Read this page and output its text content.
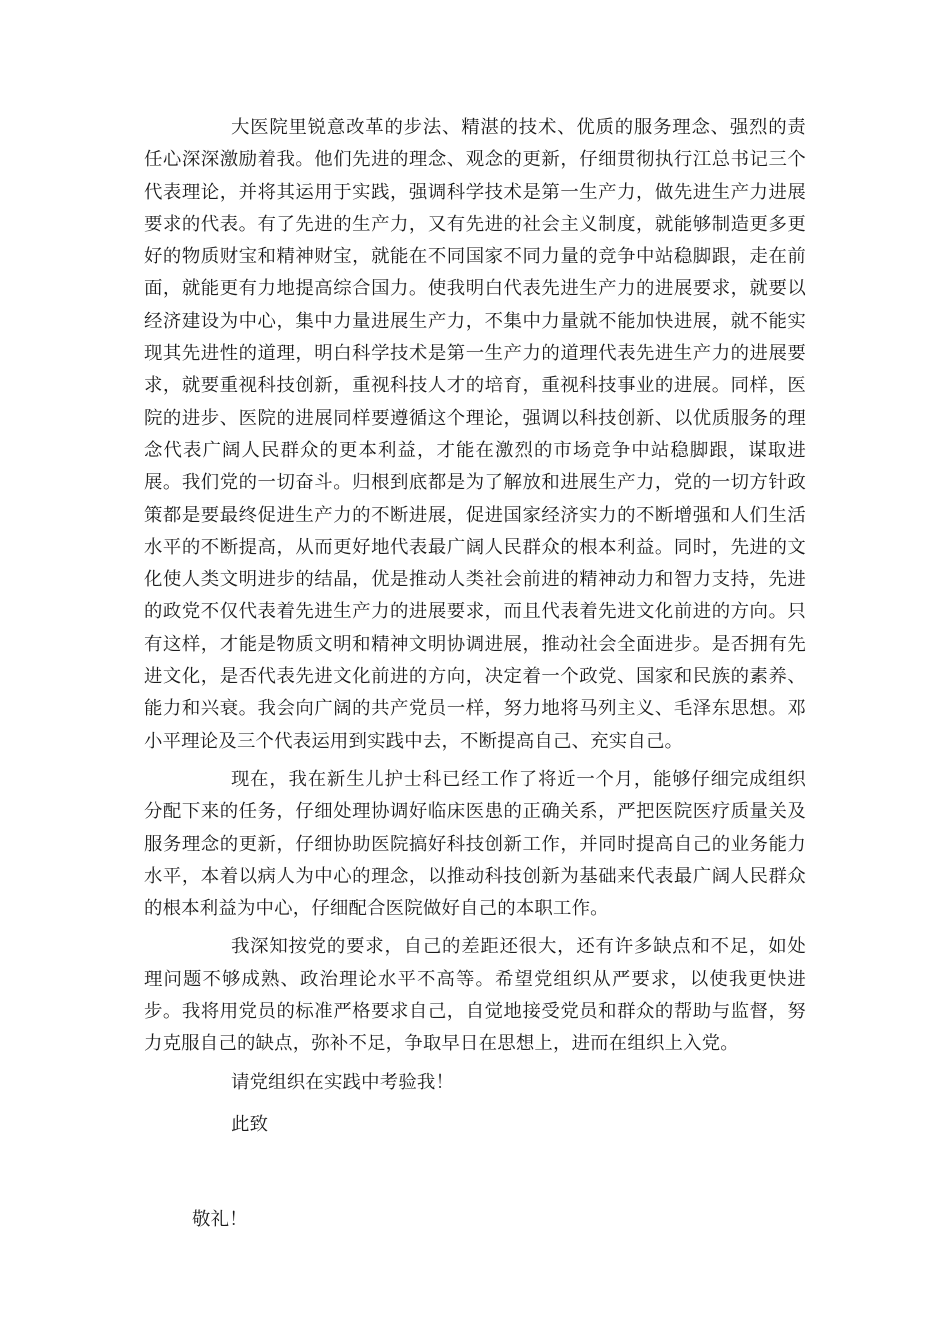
大医院里锐意改革的步法、精湛的技术、优质的服务理念、强烈的责任心深深激励着我。他们先进的理念、观念的更新，仔细贯彻执行江总书记三个代表理论，并将其运用于实践，强调科学技术是第一生产力，做先进生产力进展要求的代表。有了先进的生产力，又有先进的社会主义制度，就能够制造更多更好的物质财宝和精神财宝，就能在不同国家不同力量的竞争中站稳脚跟，走在前面，就能更有力地提高综合国力。使我明白代表先进生产力的进展要求，就要以经济建设为中心，集中力量进展生产力，不集中力量就不能加快进展，就不能实现其先进性的道理，明白科学技术是第一生产力的道理代表先进生产力的进展要求，就要重视科技创新，重视科技人才的培育，重视科技事业的进展。同样，医院的进步、医院的进展同样要遵循这个理论，强调以科技创新、以优质服务的理念代表广阔人民群众的更本利益，才能在激烈的市场竞争中站稳脚跟，谋取进展。我们党的一切奋斗。归根到底都是为了解放和进展生产力，党的一切方针政策都是要最终促进生产力的不断进展，促进国家经济实力的不断增强和人们生活水平的不断提高，从而更好地代表最广阔人民群众的根本利益。同时，先进的文化使人类文明进步的结晶，优是推动人类社会前进的精神动力和智力支持，先进的政党不仅代表着先进生产力的进展要求，而且代表着先进文化前进的方向。只有这样，才能是物质文明和精神文明协调进展，推动社会全面进步。是否拥有先进文化，是否代表先进文化前进的方向，决定着一个政党、国家和民族的素养、能力和兴衰。我会向广阔的共产党员一样，努力地将马列主义、毛泽东思想。邓小平理论及三个代表运用到实践中去，不断提高自己、充实自己。

现在，我在新生儿护士科已经工作了将近一个月，能够仔细完成组织分配下来的任务，仔细处理协调好临床医患的正确关系，严把医院医疗质量关及服务理念的更新，仔细协助医院搞好科技创新工作，并同时提高自己的业务能力水平，本着以病人为中心的理念，以推动科技创新为基础来代表最广阔人民群众的根本利益为中心，仔细配合医院做好自己的本职工作。

我深知按党的要求，自己的差距还很大，还有许多缺点和不足，如处理问题不够成熟、政治理论水平不高等。希望党组织从严要求，以使我更快进步。我将用党员的标准严格要求自己，自觉地接受党员和群众的帮助与监督，努力克服自己的缺点，弥补不足，争取早日在思想上，进而在组织上入党。

请党组织在实践中考验我！

此致

敬礼！
